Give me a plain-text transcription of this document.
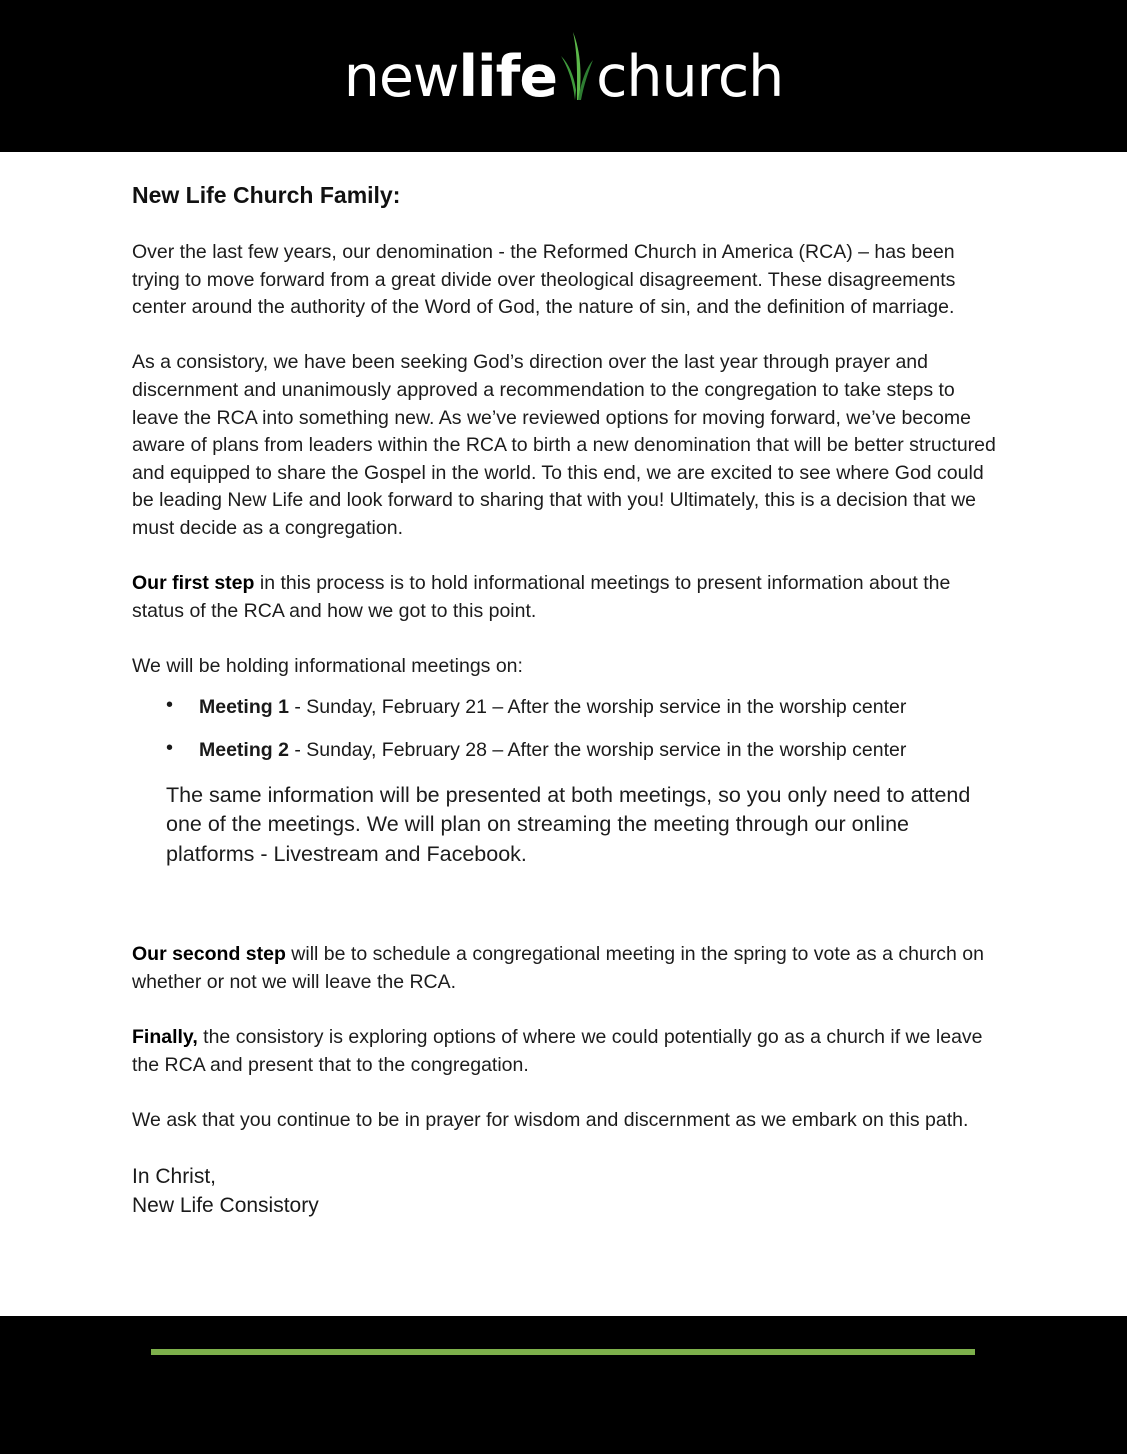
newlife church
New Life Church Family:

Over the last few years, our denomination - the Reformed Church in America (RCA) – has been trying to move forward from a great divide over theological disagreement. These disagreements center around the authority of the Word of God, the nature of sin, and the definition of marriage.

As a consistory, we have been seeking God’s direction over the last year through prayer and discernment and unanimously approved a recommendation to the congregation to take steps to leave the RCA into something new. As we’ve reviewed options for moving forward, we’ve become aware of plans from leaders within the RCA to birth a new denomination that will be better structured and equipped to share the Gospel in the world. To this end, we are excited to see where God could be leading New Life and look forward to sharing that with you! Ultimately, this is a decision that we must decide as a congregation.

Our first step in this process is to hold informational meetings to present information about the status of the RCA and how we got to this point.

We will be holding informational meetings on:

• Meeting 1 - Sunday, February 21 – After the worship service in the worship center
• Meeting 2 - Sunday, February 28 – After the worship service in the worship center

The same information will be presented at both meetings, so you only need to attend one of the meetings. We will plan on streaming the meeting through our online platforms - Livestream and Facebook.

Our second step will be to schedule a congregational meeting in the spring to vote as a church on whether or not we will leave the RCA.

Finally, the consistory is exploring options of where we could potentially go as a church if we leave the RCA and present that to the congregation.

We ask that you continue to be in prayer for wisdom and discernment as we embark on this path.

In Christ,

New Life Consistory
